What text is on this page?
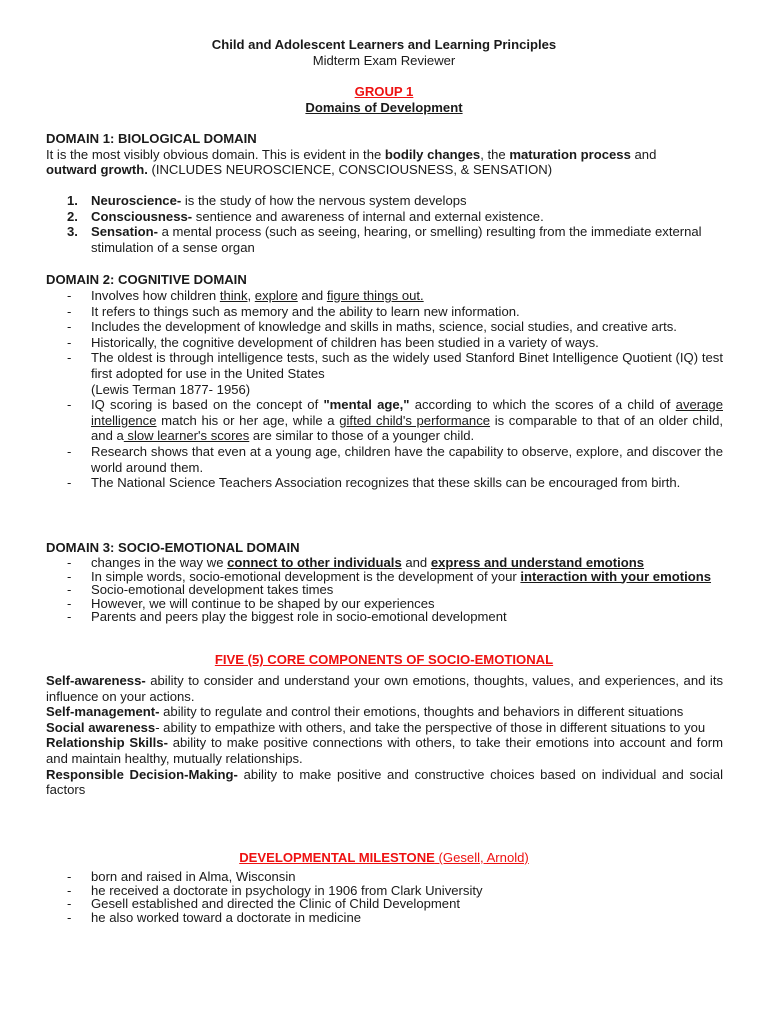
Child and Adolescent Learners and Learning Principles
Midterm Exam Reviewer
GROUP 1
Domains of Development
DOMAIN 1: BIOLOGICAL DOMAIN
It is the most visibly obvious domain. This is evident in the bodily changes, the maturation process and
outward growth. (INCLUDES NEUROSCIENCE, CONSCIOUSNESS, & SENSATION)
1. Neuroscience- is the study of how the nervous system develops
2. Consciousness- sentience and awareness of internal and external existence.
3. Sensation- a mental process (such as seeing, hearing, or smelling) resulting from the immediate external stimulation of a sense organ
DOMAIN 2: COGNITIVE DOMAIN
- Involves how children think, explore and figure things out.
- It refers to things such as memory and the ability to learn new information.
- Includes the development of knowledge and skills in maths, science, social studies, and creative arts.
- Historically, the cognitive development of children has been studied in a variety of ways.
- The oldest is through intelligence tests, such as the widely used Stanford Binet Intelligence Quotient (IQ) test first adopted for use in the United States
(Lewis Terman 1877- 1956)
- IQ scoring is based on the concept of "mental age," according to which the scores of a child of average intelligence match his or her age, while a gifted child's performance is comparable to that of an older child, and a slow learner's scores are similar to those of a younger child.
- Research shows that even at a young age, children have the capability to observe, explore, and discover the world around them.
- The National Science Teachers Association recognizes that these skills can be encouraged from birth.
DOMAIN 3: SOCIO-EMOTIONAL DOMAIN
- changes in the way we connect to other individuals and express and understand emotions
- In simple words, socio-emotional development is the development of your interaction with your emotions
- Socio-emotional development takes times
- However, we will continue to be shaped by our experiences
- Parents and peers play the biggest role in socio-emotional development
FIVE (5) CORE COMPONENTS OF SOCIO-EMOTIONAL

Self-awareness- ability to consider and understand your own emotions, thoughts, values, and experiences, and its influence on your actions.

Self-management- ability to regulate and control their emotions, thoughts and behaviors in different situations

Social awareness- ability to empathize with others, and take the perspective of those in different situations to you

Relationship Skills- ability to make positive connections with others, to take their emotions into account and form and maintain healthy, mutually relationships.

Responsible Decision-Making- ability to make positive and constructive choices based on individual and social factors

DEVELOPMENTAL MILESTONE (Gesell, Arnold)
- born and raised in Alma, Wisconsin
- he received a doctorate in psychology in 1906 from Clark University
- Gesell established and directed the Clinic of Child Development
- he also worked toward a doctorate in medicine
